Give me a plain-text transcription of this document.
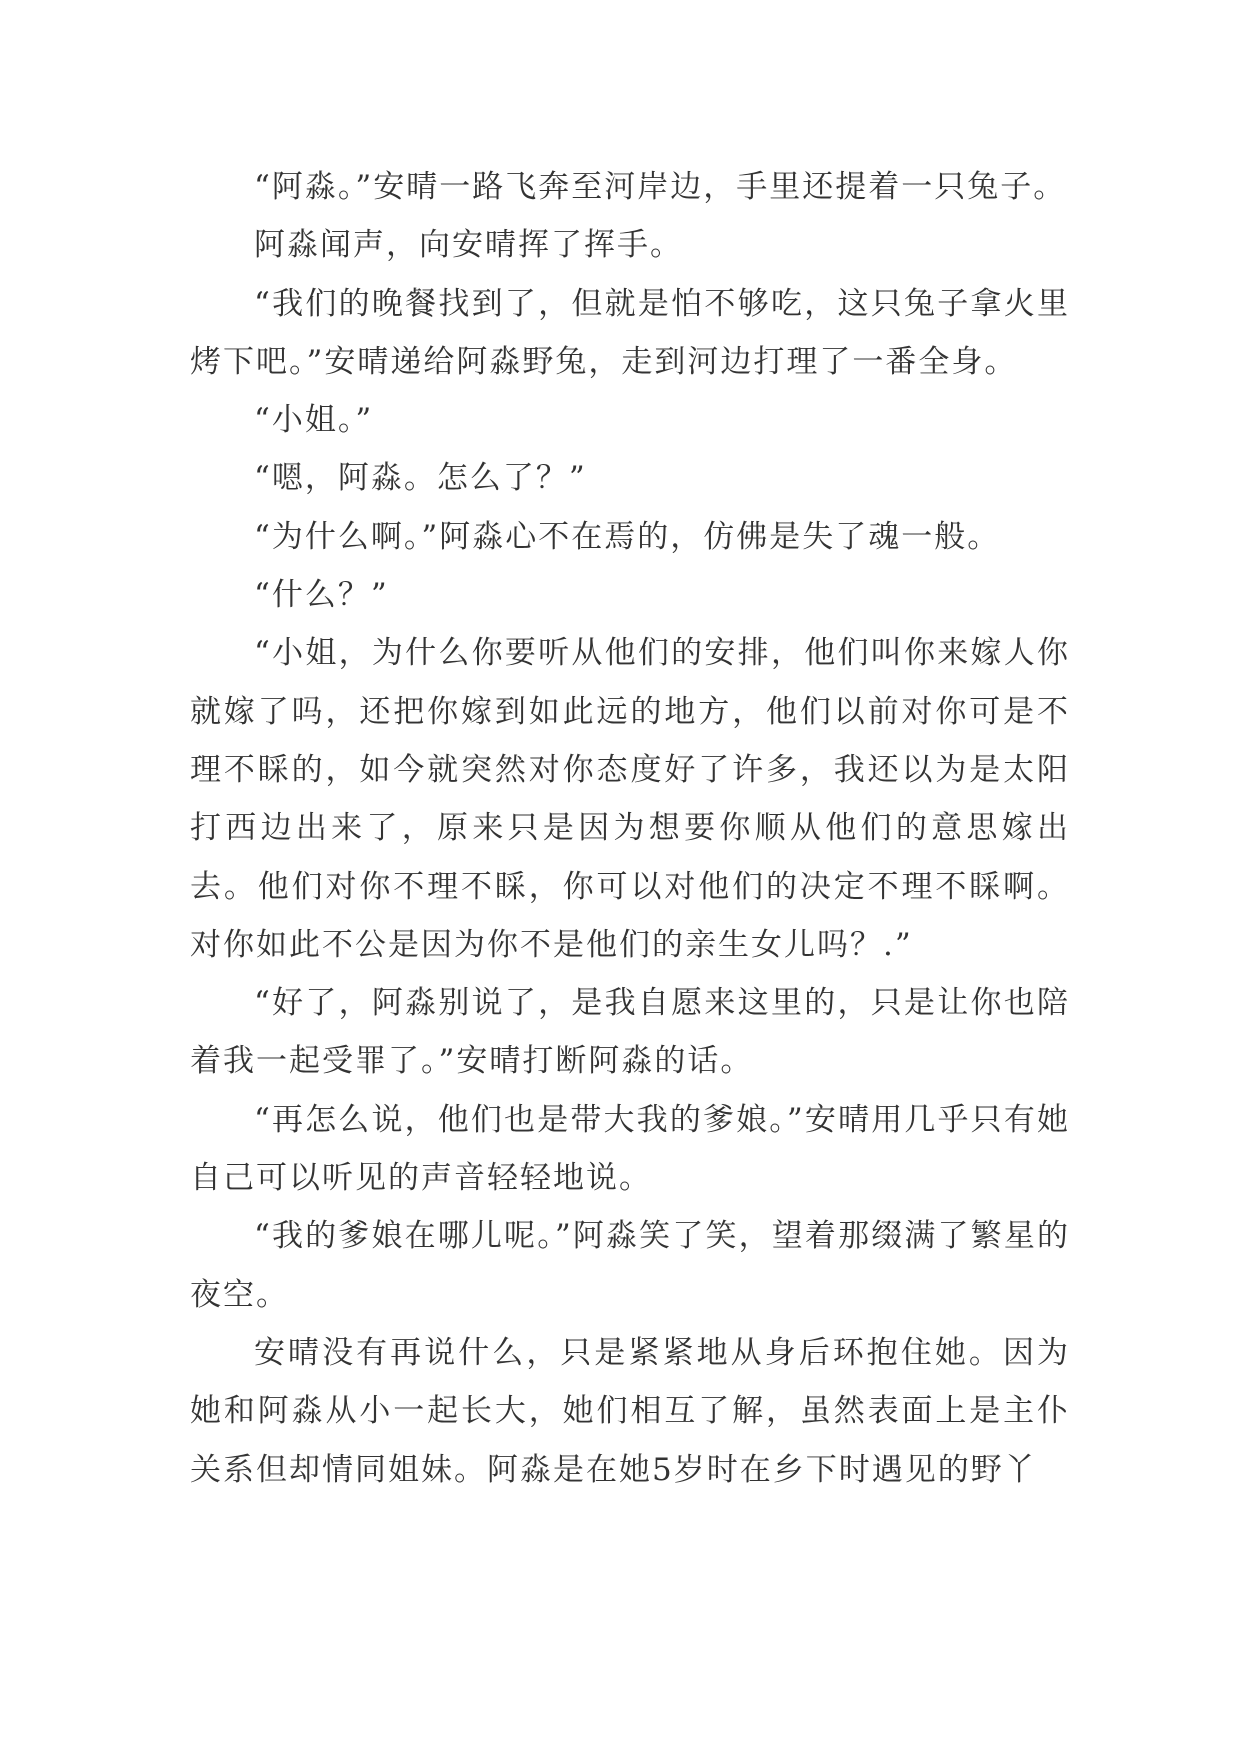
“阿淼。”安晴一路飞奔至河岸边，手里还提着一只兔子。

阿淼闻声，向安晴挥了挥手。

“我们的晚餐找到了，但就是怕不够吃，这只兔子拿火里烤下吧。”安晴递给阿淼野兔，走到河边打理了一番全身。

“小姐。”

“嗯，阿淼。怎么了？”

“为什么啊。”阿淼心不在焉的，仿佛是失了魂一般。

“什么？”

“小姐，为什么你要听从他们的安排，他们叫你来嫁人你就嫁了吗，还把你嫁到如此远的地方，他们以前对你可是不理不睬的，如今就突然对你态度好了许多，我还以为是太阳打西边出来了，原来只是因为想要你顺从他们的意思嫁出去。他们对你不理不睬，你可以对他们的决定不理不睬啊。对你如此不公是因为你不是他们的亲生女儿吗？.”

“好了，阿淼别说了，是我自愿来这里的，只是让你也陪着我一起受罪了。”安晴打断阿淼的话。

“再怎么说，他们也是带大我的爹娘。”安晴用几乎只有她自己可以听见的声音轻轻地说。

“我的爹娘在哪儿呢。”阿淼笑了笑，望着那缀满了繁星的夜空。

安晴没有再说什么，只是紧紧地从身后环抱住她。因为她和阿淼从小一起长大，她们相互了解，虽然表面上是主仆关系但却情同姐妹。阿淼是在她5岁时在乡下时遇见的野丫
